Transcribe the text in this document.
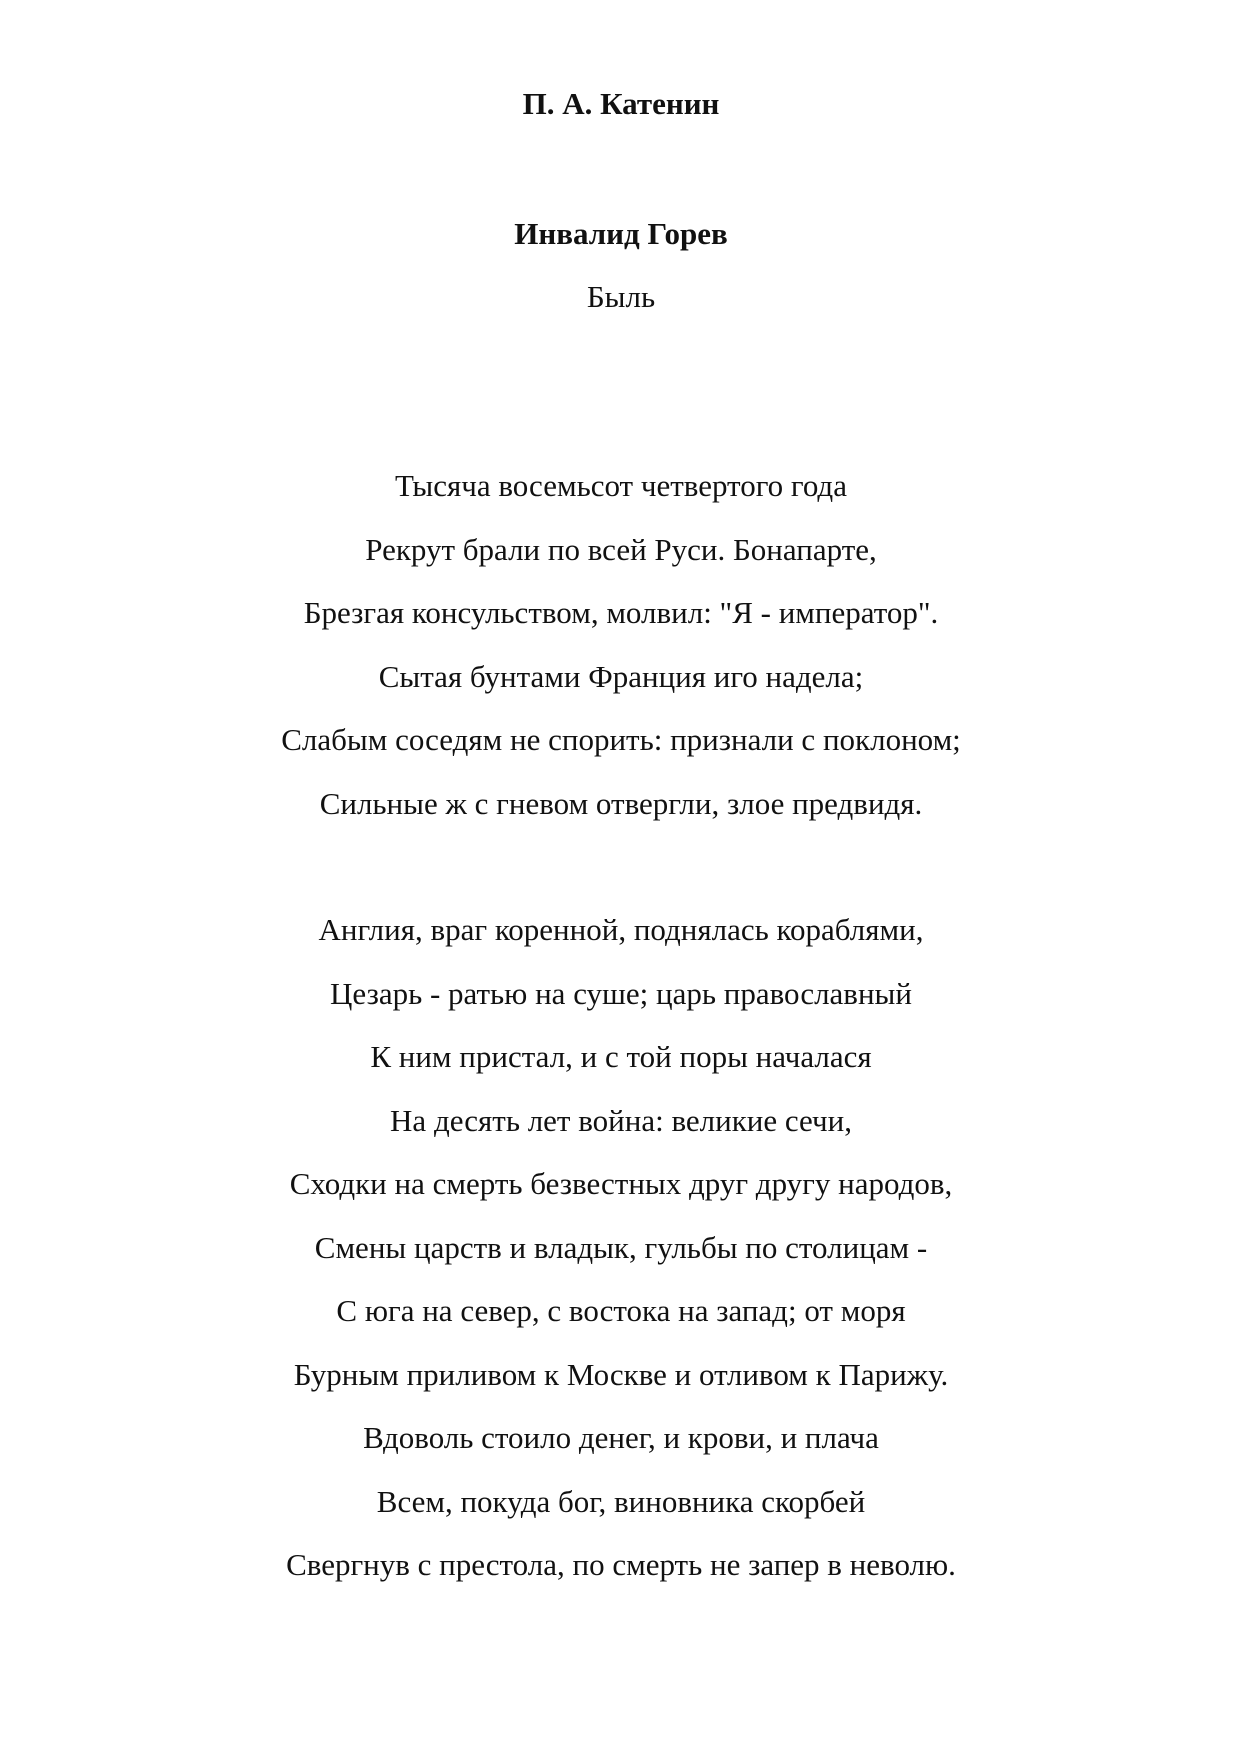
П. А. Катенин
Инвалид Горев
Быль
Тысяча восемьсот четвертого года
Рекрут брали по всей Руси. Бонапарте,
Брезгая консульством, молвил: "Я - император".
Сытая бунтами Франция иго надела;
Слабым соседям не спорить: признали с поклоном;
Сильные ж с гневом отвергли, злое предвидя.
Англия, враг коренной, поднялась кораблями,
Цезарь - ратью на суше; царь православный
К ним пристал, и с той поры началася
На десять лет война: великие сечи,
Сходки на смерть безвестных друг другу народов,
Смены царств и владык, гульбы по столицам -
С юга на север, с востока на запад; от моря
Бурным приливом к Москве и отливом к Парижу.
Вдоволь стоило денег, и крови, и плача
Всем, покуда бог, виновника скорбей
Свергнув с престола, по смерть не запер в неволю.
